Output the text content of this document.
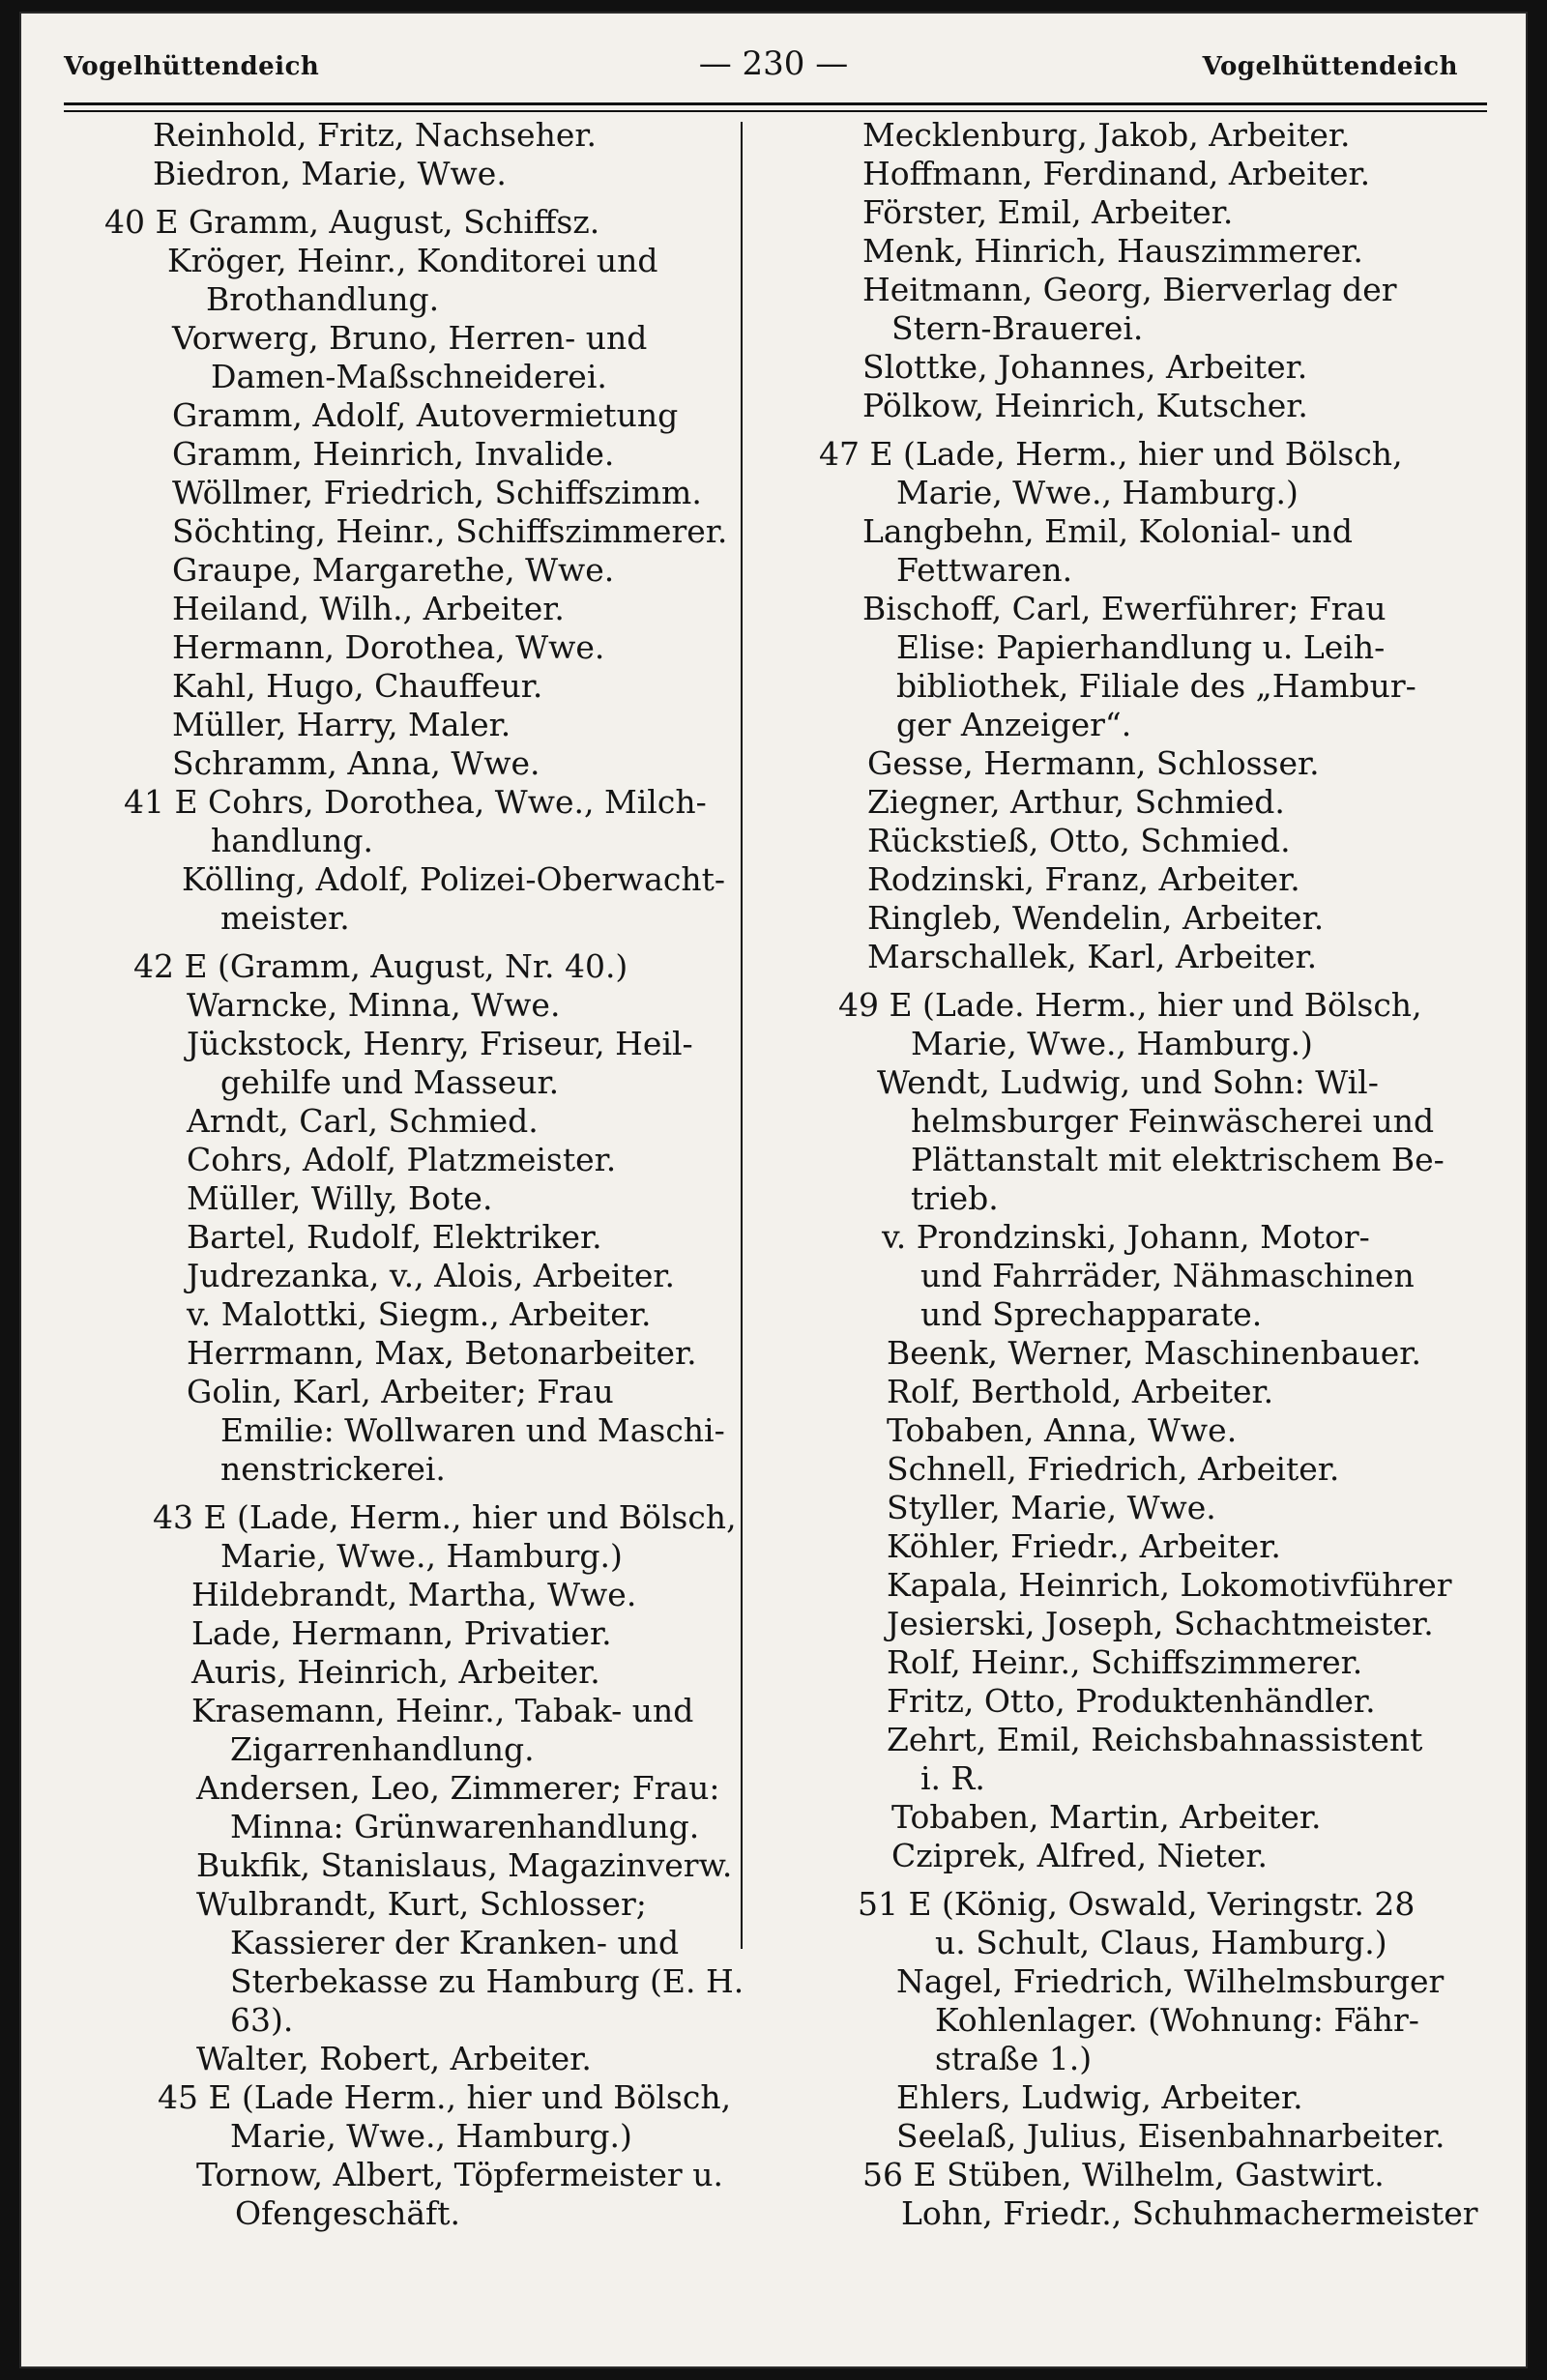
Vogelhüttendeich	— 230 —	Vogelhüttendeich
Reinhold, Fritz, Nachseher.
Biedron, Marie, Wwe.
40 E Gramm, August, Schiffsz.
Kröger, Heinr., Konditorei und
Brothandlung.
Vorwerg, Bruno, Herren- und
Damen-Maßschneiderei.
Gramm, Adolf, Autovermietung
Gramm, Heinrich, Invalide.
Wöllmer, Friedrich, Schiffszimm.
Söchting, Heinr., Schiffszimmerer.
Graupe, Margarethe, Wwe.
Heiland, Wilh., Arbeiter.
Hermann, Dorothea, Wwe.
Kahl, Hugo, Chauffeur.
Müller, Harry, Maler.
Schramm, Anna, Wwe.
41 E Cohrs, Dorothea, Wwe., Milch-
handlung.
Kölling, Adolf, Polizei-Oberwacht-
meister.
42 E (Gramm, August, Nr. 40.)
Warncke, Minna, Wwe.
Jückstock, Henry, Friseur, Heil-
gehilfe und Masseur.
Arndt, Carl, Schmied.
Cohrs, Adolf, Platzmeister.
Müller, Willy, Bote.
Bartel, Rudolf, Elektriker.
Judrezanka, v., Alois, Arbeiter.
v. Malottki, Siegm., Arbeiter.
Herrmann, Max, Betonarbeiter.
Golin, Karl, Arbeiter; Frau
Emilie: Wollwaren und Maschi-
nenstrickerei.
43 E (Lade, Herm., hier und Bölsch,
Marie, Wwe., Hamburg.)
Hildebrandt, Martha, Wwe.
Lade, Hermann, Privatier.
Auris, Heinrich, Arbeiter.
Krasemann, Heinr., Tabak- und
Zigarrenhandlung.
Andersen, Leo, Zimmerer; Frau:
Minna: Grünwarenhandlung.
Bukfik, Stanislaus, Magazinverw.
Wulbrandt, Kurt, Schlosser;
Kassierer der Kranken- und
Sterbekasse zu Hamburg (E. H.
63).
Walter, Robert, Arbeiter.
45 E (Lade Herm., hier und Bölsch,
Marie, Wwe., Hamburg.)
Tornow, Albert, Töpfermeister u.
Ofengeschäft.
Mecklenburg, Jakob, Arbeiter.
Hoffmann, Ferdinand, Arbeiter.
Förster, Emil, Arbeiter.
Menk, Hinrich, Hauszimmerer.
Heitmann, Georg, Bierverlag der
Stern-Brauerei.
Slottke, Johannes, Arbeiter.
Pölkow, Heinrich, Kutscher.
47 E (Lade, Herm., hier und Bölsch,
Marie, Wwe., Hamburg.)
Langbehn, Emil, Kolonial- und
Fettwaren.
Bischoff, Carl, Ewerführer; Frau
Elise: Papierhandlung u. Leih-
bibliothek, Filiale des „Hambur-
ger Anzeiger“.
Gesse, Hermann, Schlosser.
Ziegner, Arthur, Schmied.
Rückstieß, Otto, Schmied.
Rodzinski, Franz, Arbeiter.
Ringleb, Wendelin, Arbeiter.
Marschallek, Karl, Arbeiter.
49 E (Lade. Herm., hier und Bölsch,
Marie, Wwe., Hamburg.)
Wendt, Ludwig, und Sohn: Wil-
helmsburger Feinwäscherei und
Plättanstalt mit elektrischem Be-
trieb.
v. Prondzinski, Johann, Motor-
und Fahrräder, Nähmaschinen
und Sprechapparate.
Beenk, Werner, Maschinenbauer.
Rolf, Berthold, Arbeiter.
Tobaben, Anna, Wwe.
Schnell, Friedrich, Arbeiter.
Styller, Marie, Wwe.
Köhler, Friedr., Arbeiter.
Kapala, Heinrich, Lokomotivführer
Jesierski, Joseph, Schachtmeister.
Rolf, Heinr., Schiffszimmerer.
Fritz, Otto, Produktenhändler.
Zehrt, Emil, Reichsbahnassistent
i. R.
Tobaben, Martin, Arbeiter.
Cziprek, Alfred, Nieter.
51 E (König, Oswald, Veringstr. 28
u. Schult, Claus, Hamburg.)
Nagel, Friedrich, Wilhelmsburger
Kohlenlager. (Wohnung: Fähr-
straße 1.)
Ehlers, Ludwig, Arbeiter.
Seelaß, Julius, Eisenbahnarbeiter.
56 E Stüben, Wilhelm, Gastwirt.
Lohn, Friedr., Schuhmachermeister
